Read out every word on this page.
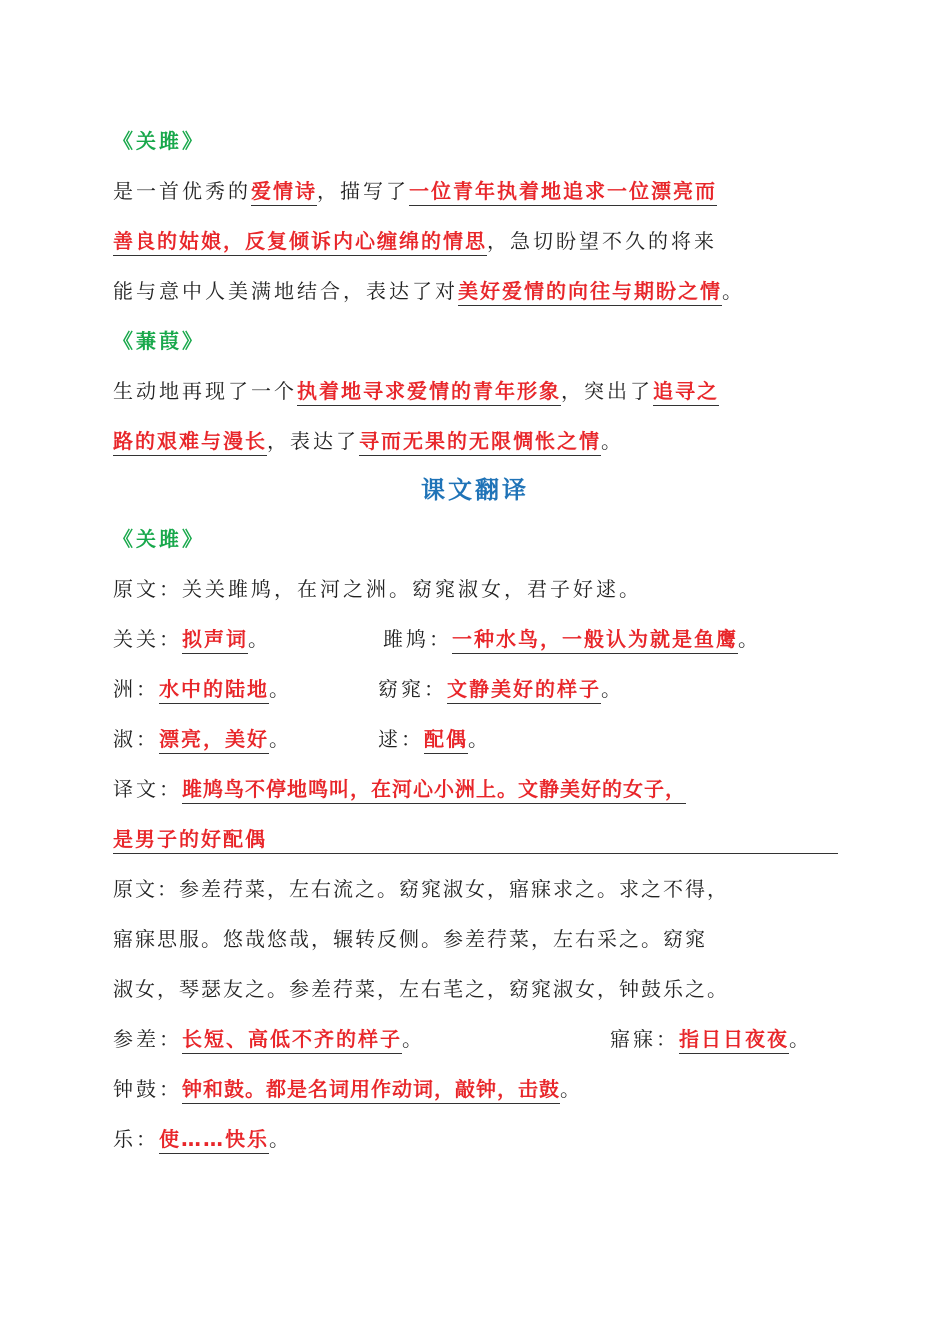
《关雎》
是一首优秀的爱情诗，描写了一位青年执着地追求一位漂亮而
善良的姑娘，反复倾诉内心缠绵的情思，急切盼望不久的将来
能与意中人美满地结合，表达了对美好爱情的向往与期盼之情。
《蒹葭》
生动地再现了一个执着地寻求爱情的青年形象，突出了追寻之
路的艰难与漫长，表达了寻而无果的无限惆怅之情。
课文翻译
《关雎》
原文：关关雎鸠，在河之洲。窈窕淑女，君子好逑。
关关：拟声词。	雎鸠：一种水鸟，一般认为就是鱼鹰。
洲：水中的陆地。	窈窕：文静美好的样子。
淑：漂亮，美好。	逑：配偶。
译文：雎鸠鸟不停地鸣叫，在河心小洲上。文静美好的女子，
是男子的好配偶
原文：参差荇菜，左右流之。窈窕淑女，寤寐求之。求之不得，
寤寐思服。悠哉悠哉，辗转反侧。参差荇菜，左右采之。窈窕
淑女，琴瑟友之。参差荇菜，左右芼之，窈窕淑女，钟鼓乐之。
参差：长短、高低不齐的样子。	寤寐：指日日夜夜。
钟鼓：钟和鼓。都是名词用作动词，敲钟，击鼓。
乐：使……快乐。
